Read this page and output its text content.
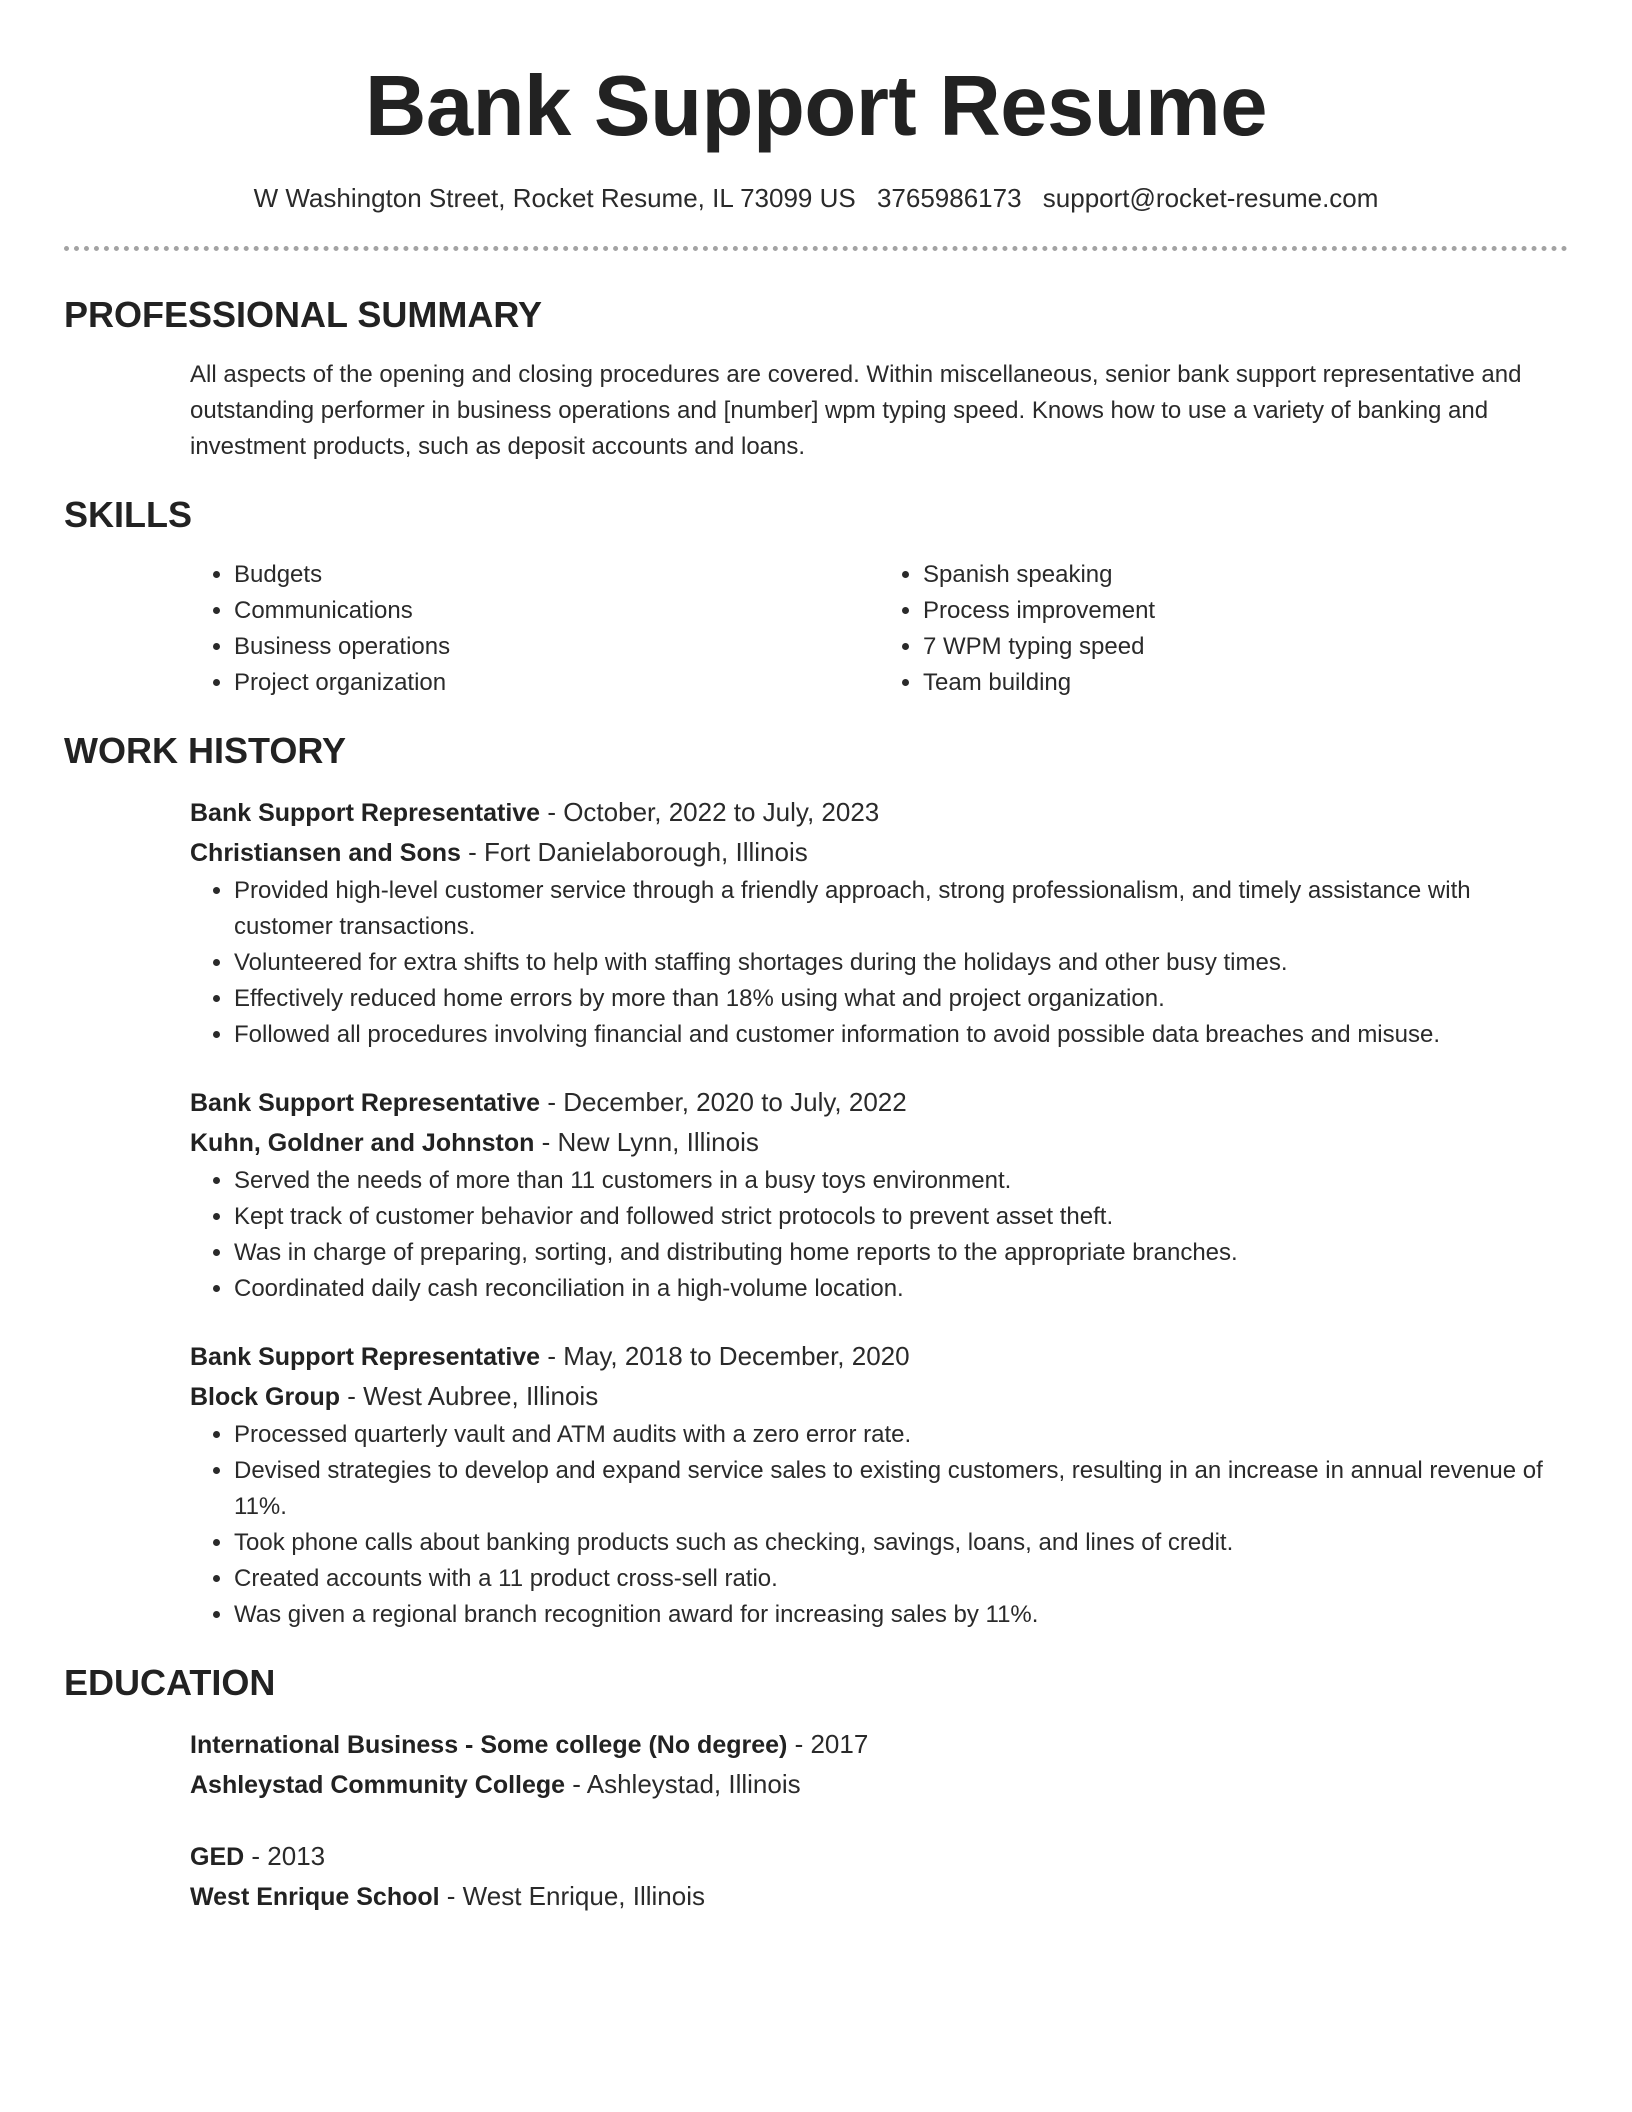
Bank Support Resume
W Washington Street, Rocket Resume, IL 73099 US 3765986173 support@rocket-resume.com
PROFESSIONAL SUMMARY

All aspects of the opening and closing procedures are covered. Within miscellaneous, senior bank support representative and outstanding performer in business operations and [number] wpm typing speed. Knows how to use a variety of banking and investment products, such as deposit accounts and loans.

SKILLS
• Budgets
• Communications
• Business operations
• Project organization
• Spanish speaking
• Process improvement
• 7 WPM typing speed
• Team building
WORK HISTORY
Bank Support Representative - October, 2022 to July, 2023
Christiansen and Sons - Fort Danielaborough, Illinois
• Provided high-level customer service through a friendly approach, strong professionalism, and timely assistance with customer transactions.
• Volunteered for extra shifts to help with staffing shortages during the holidays and other busy times.
• Effectively reduced home errors by more than 18% using what and project organization.
• Followed all procedures involving financial and customer information to avoid possible data breaches and misuse.
Bank Support Representative - December, 2020 to July, 2022
Kuhn, Goldner and Johnston - New Lynn, Illinois
• Served the needs of more than 11 customers in a busy toys environment.
• Kept track of customer behavior and followed strict protocols to prevent asset theft.
• Was in charge of preparing, sorting, and distributing home reports to the appropriate branches.
• Coordinated daily cash reconciliation in a high-volume location.
Bank Support Representative - May, 2018 to December, 2020
Block Group - West Aubree, Illinois
• Processed quarterly vault and ATM audits with a zero error rate.
• Devised strategies to develop and expand service sales to existing customers, resulting in an increase in annual revenue of 11%.
• Took phone calls about banking products such as checking, savings, loans, and lines of credit.
• Created accounts with a 11 product cross-sell ratio.
• Was given a regional branch recognition award for increasing sales by 11%.
EDUCATION
International Business - Some college (No degree) - 2017
Ashleystad Community College - Ashleystad, Illinois
GED - 2013
West Enrique School - West Enrique, Illinois
